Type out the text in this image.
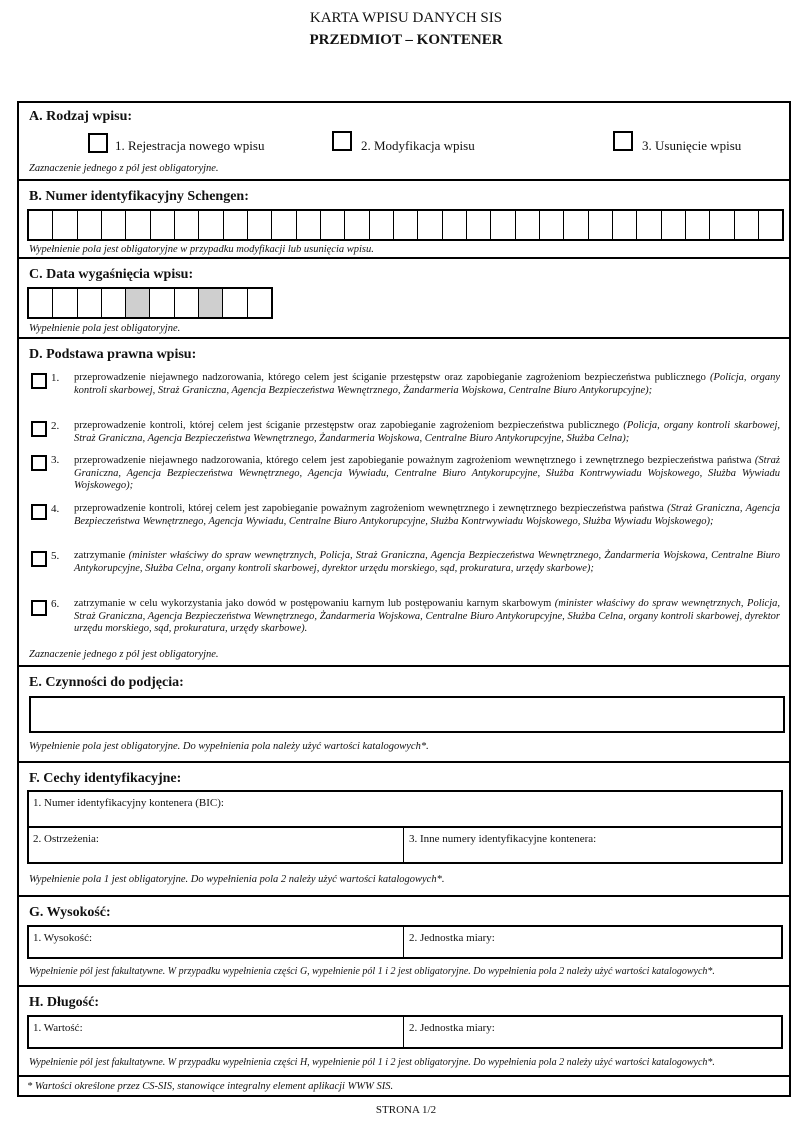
KARTA WPISU DANYCH SIS
PRZEDMIOT – KONTENER
A. Rodzaj wpisu:
1. Rejestracja nowego wpisu	2. Modyfikacja wpisu	3. Usunięcie wpisu
Zaznaczenie jednego z pól jest obligatoryjne.
B. Numer identyfikacyjny Schengen:
Wypełnienie pola jest obligatoryjne w przypadku modyfikacji lub usunięcia wpisu.
C. Data wygaśnięcia wpisu:
Wypełnienie pola jest obligatoryjne.
D. Podstawa prawna wpisu:
1. przeprowadzenie niejawnego nadzorowania, którego celem jest ściganie przestępstw oraz zapobieganie zagrożeniom bezpieczeństwa publicznego (Policja, organy kontroli skarbowej, Straż Graniczna, Agencja Bezpieczeństwa Wewnętrznego, Żandarmeria Wojskowa, Centralne Biuro Antykorupcyjne);
2. przeprowadzenie kontroli, której celem jest ściganie przestępstw oraz zapobieganie zagrożeniom bezpieczeństwa publicznego (Policja, organy kontroli skarbowej, Straż Graniczna, Agencja Bezpieczeństwa Wewnętrznego, Żandarmeria Wojskowa, Centralne Biuro Antykorupcyjne, Służba Celna);
3. przeprowadzenie niejawnego nadzorowania, którego celem jest zapobieganie poważnym zagrożeniom wewnętrznego i zewnętrznego bezpieczeństwa państwa (Straż Graniczna, Agencja Bezpieczeństwa Wewnętrznego, Agencja Wywiadu, Centralne Biuro Antykorupcyjne, Służba Kontrwywiadu Wojskowego, Służba Wywiadu Wojskowego);
4. przeprowadzenie kontroli, której celem jest zapobieganie poważnym zagrożeniom wewnętrznego i zewnętrznego bezpieczeństwa państwa (Straż Graniczna, Agencja Bezpieczeństwa Wewnętrznego, Agencja Wywiadu, Centralne Biuro Antykorupcyjne, Służba Kontrwywiadu Wojskowego, Służba Wywiadu Wojskowego);
5. zatrzymanie (minister właściwy do spraw wewnętrznych, Policja, Straż Graniczna, Agencja Bezpieczeństwa Wewnętrznego, Żandarmeria Wojskowa, Centralne Biuro Antykorupcyjne, Służba Celna, organy kontroli skarbowej, dyrektor urzędu morskiego, sąd, prokuratura, urzędy skarbowe);
6. zatrzymanie w celu wykorzystania jako dowód w postępowaniu karnym lub postępowaniu karnym skarbowym (minister właściwy do spraw wewnętrznych, Policja, Straż Graniczna, Agencja Bezpieczeństwa Wewnętrznego, Żandarmeria Wojskowa, Centralne Biuro Antykorupcyjne, Służba Celna, organy kontroli skarbowej, dyrektor urzędu morskiego, sąd, prokuratura, urzędy skarbowe).
Zaznaczenie jednego z pól jest obligatoryjne.
E. Czynności do podjęcia:
Wypełnienie pola jest obligatoryjne. Do wypełnienia pola należy użyć wartości katalogowych*.
F. Cechy identyfikacyjne:
1. Numer identyfikacyjny kontenera (BIC):
2. Ostrzeżenia:	3. Inne numery identyfikacyjne kontenera:
Wypełnienie pola 1 jest obligatoryjne. Do wypełnienia pola 2 należy użyć wartości katalogowych*.
G. Wysokość:
1. Wysokość:	2. Jednostka miary:
Wypełnienie pól jest fakultatywne. W przypadku wypełnienia części G, wypełnienie pól 1 i 2 jest obligatoryjne. Do wypełnienia pola 2 należy użyć wartości katalogowych*.
H. Długość:
1. Wartość:	2. Jednostka miary:
Wypełnienie pól jest fakultatywne. W przypadku wypełnienia części H, wypełnienie pól 1 i 2 jest obligatoryjne. Do wypełnienia pola 2 należy użyć wartości katalogowych*.
* Wartości określone przez CS-SIS, stanowiące integralny element aplikacji WWW SIS.
STRONA 1/2
